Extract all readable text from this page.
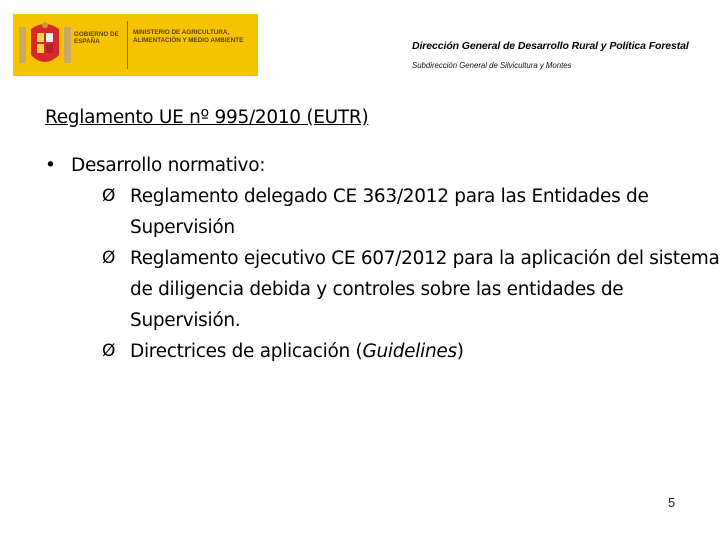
GOBIERNO DE ESPAÑA
MINISTERIO DE AGRICULTURA, ALIMENTACIÓN Y MEDIO AMBIENTE	Dirección General de Desarrollo Rural y Política Forestal
Subdirección General de Silvicultura y Montes
Reglamento UE nº 995/2010 (EUTR)
• Desarrollo normativo:
Ø Reglamento delegado CE 363/2012 para las Entidades de Supervisión
Ø Reglamento ejecutivo CE 607/2012 para la aplicación del sistema de diligencia debida y controles sobre las entidades de Supervisión.
Ø Directrices de aplicación (Guidelines)
5
